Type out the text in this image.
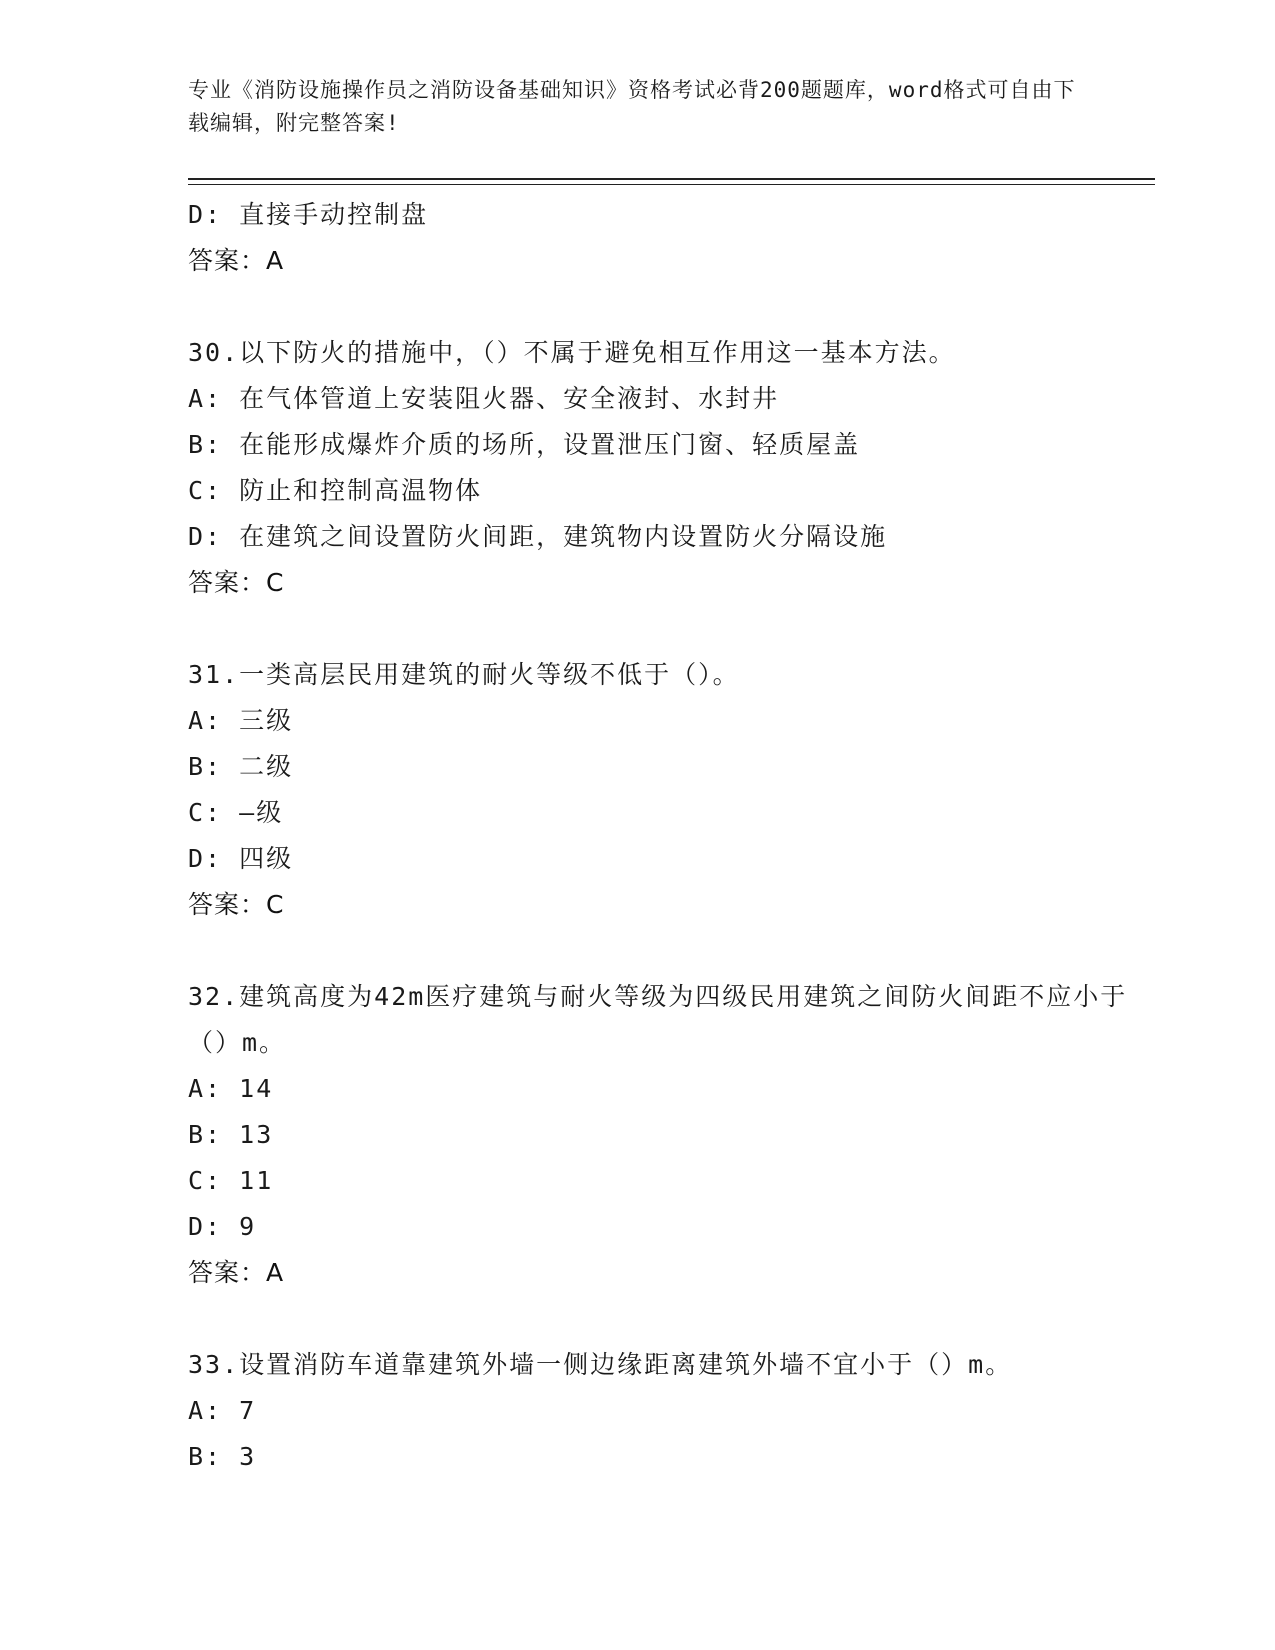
专业《消防设施操作员之消防设备基础知识》资格考试必背200题题库，word格式可自由下载编辑，附完整答案!
D: 直接手动控制盘
答案：A
30.以下防火的措施中，（）不属于避免相互作用这一基本方法。
A: 在气体管道上安装阻火器、安全液封、水封井
B: 在能形成爆炸介质的场所，设置泄压门窗、轻质屋盖
C: 防止和控制高温物体
D: 在建筑之间设置防火间距，建筑物内设置防火分隔设施
答案：C
31.一类高层民用建筑的耐火等级不低于（）。
A: 三级
B: 二级
C: —级
D: 四级
答案：C
32.建筑高度为42m医疗建筑与耐火等级为四级民用建筑之间防火间距不应小于（）m。
A: 14
B: 13
C: 11
D: 9
答案：A
33.设置消防车道靠建筑外墙一侧边缘距离建筑外墙不宜小于（）m。
A: 7
B: 3
